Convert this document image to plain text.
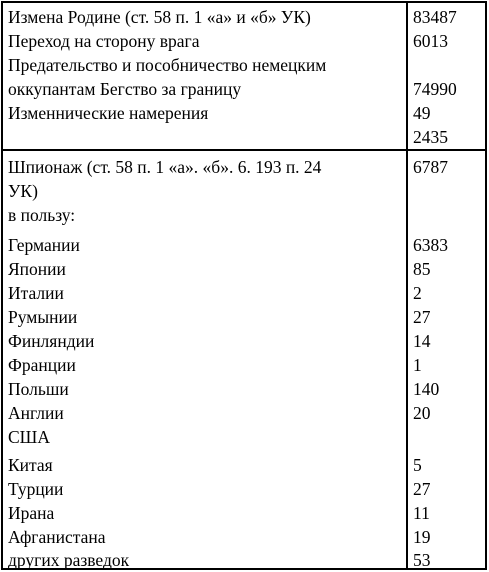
Измена Родине (ст. 58 п. 1 «а» и «б» УК)	83487
Переход на сторону врага	6013
Предательство и пособничество немецким
оккупантам Бегство за границу	74990
Изменнические намерения	49
2435
Шпионаж (ст. 58 п. 1 «а». «б». 6. 193 п. 24	6787
УК)
в пользу:
Германии	6383
Японии	85
Италии	2
Румынии	27
Финляндии	14
Франции	1
Польши	140
Англии	20
США
Китая	5
Турции	27
Ирана	11
Афганистана	19
других разведок	53
